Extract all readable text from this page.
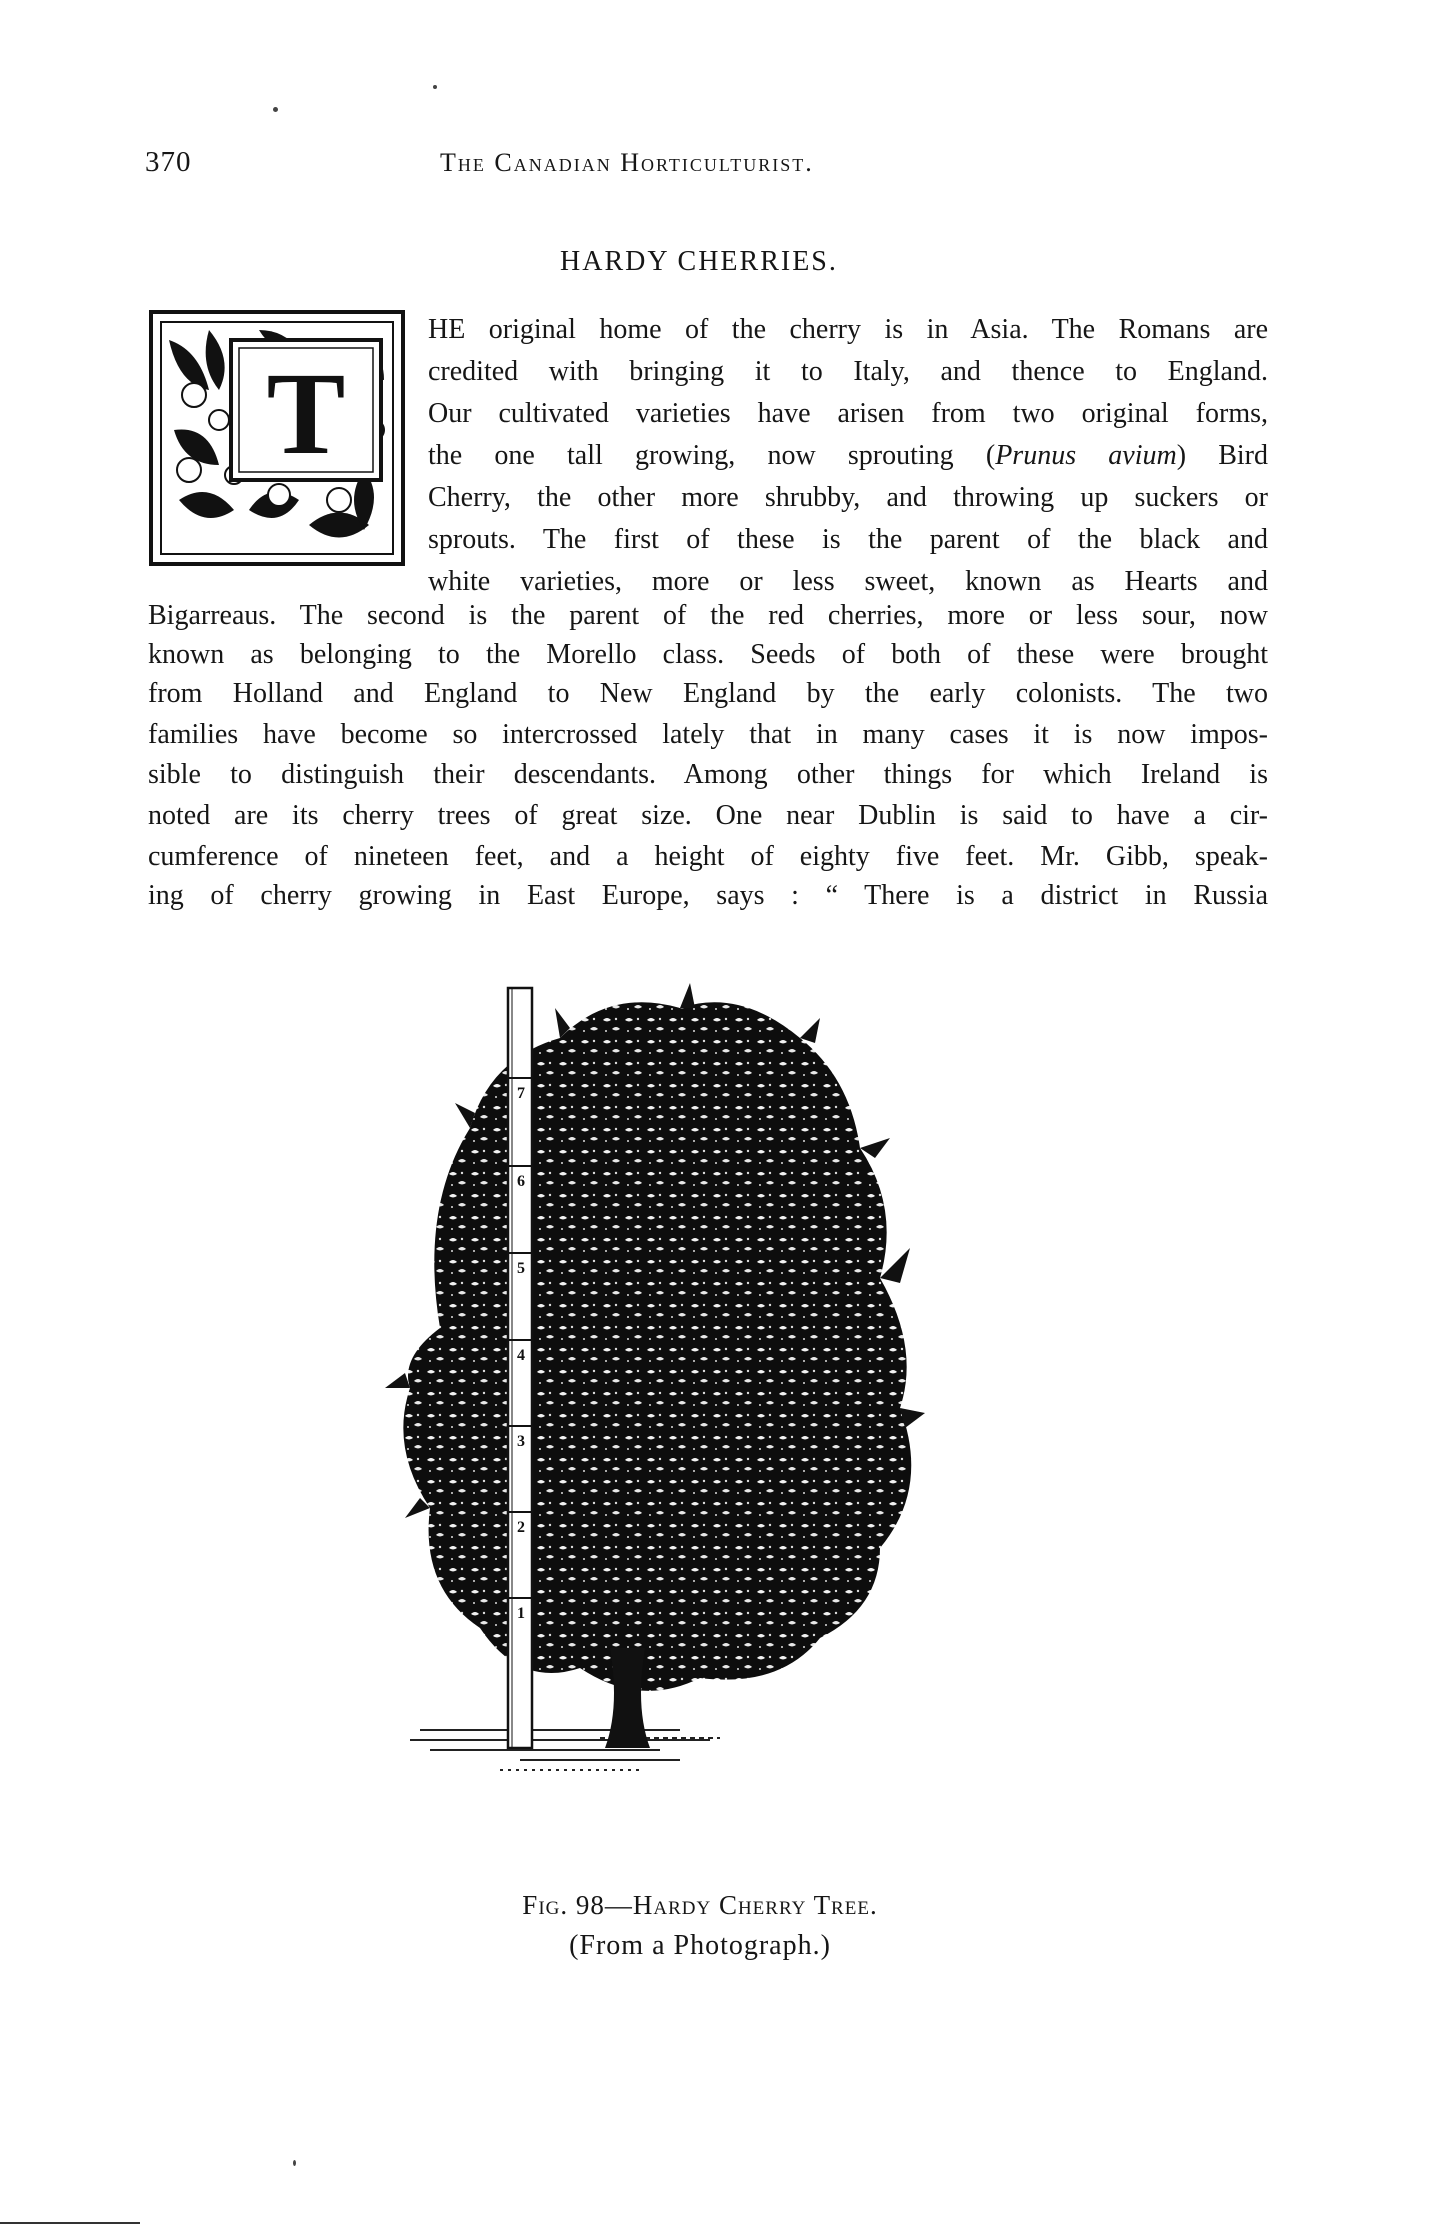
370	The Canadian Horticulturist.
HARDY CHERRIES.
T
HE original home of the cherry is in Asia. The Romans are
credited with bringing it to Italy, and thence to England.
Our cultivated varieties have arisen from two original forms,
the one tall growing, now sprouting (Prunus avium) Bird
Cherry, the other more shrubby, and throwing up suckers or
sprouts. The first of these is the parent of the black and
white varieties, more or less sweet, known as Hearts and
Bigarreaus. The second is the parent of the red cherries, more or less sour, now
known as belonging to the Morello class. Seeds of both of these were brought
from Holland and England to New England by the early colonists. The two
families have become so intercrossed lately that in many cases it is now impos-
sible to distinguish their descendants. Among other things for which Ireland is
noted are its cherry trees of great size. One near Dublin is said to have a cir-
cumference of nineteen feet, and a height of eighty five feet. Mr. Gibb, speak-
ing of cherry growing in East Europe, says : “ There is a district in Russia
7
6
5
4
3
2
1
Fig. 98—Hardy Cherry Tree.
(From a Photograph.)
